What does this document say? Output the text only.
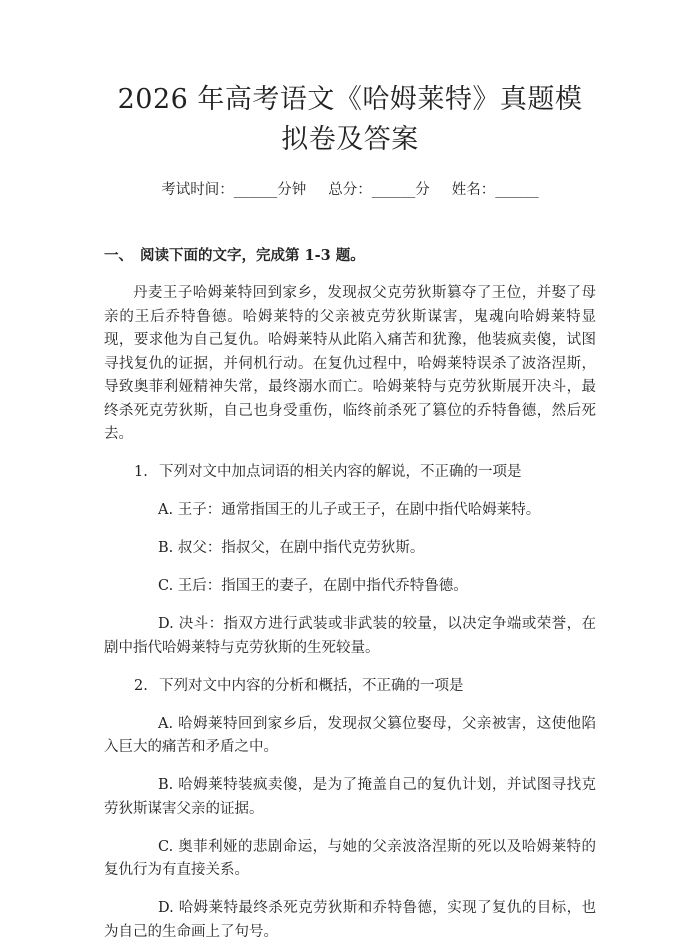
2026 年高考语文《哈姆莱特》真题模拟卷及答案
考试时间：______分钟 总分：______分 姓名：______
一、 阅读下面的文字，完成第 1-3 题。

丹麦王子哈姆莱特回到家乡，发现叔父克劳狄斯篡夺了王位，并娶了母亲的王后乔特鲁德。哈姆莱特的父亲被克劳狄斯谋害，鬼魂向哈姆莱特显现，要求他为自己复仇。哈姆莱特从此陷入痛苦和犹豫，他装疯卖傻，试图寻找复仇的证据，并伺机行动。在复仇过程中，哈姆莱特误杀了波洛涅斯，导致奥菲利娅精神失常，最终溺水而亡。哈姆莱特与克劳狄斯展开决斗，最终杀死克劳狄斯，自己也身受重伤，临终前杀死了篡位的乔特鲁德，然后死去。

1. 下列对文中加点词语的相关内容的解说，不正确的一项是

A. 王子：通常指国王的儿子或王子，在剧中指代哈姆莱特。

B. 叔父：指叔父，在剧中指代克劳狄斯。

C. 王后：指国王的妻子，在剧中指代乔特鲁德。

D. 决斗：指双方进行武装或非武装的较量，以决定争端或荣誉，在剧中指代哈姆莱特与克劳狄斯的生死较量。

2. 下列对文中内容的分析和概括，不正确的一项是

A. 哈姆莱特回到家乡后，发现叔父篡位娶母，父亲被害，这使他陷入巨大的痛苦和矛盾之中。

B. 哈姆莱特装疯卖傻，是为了掩盖自己的复仇计划，并试图寻找克劳狄斯谋害父亲的证据。

C. 奥菲利娅的悲剧命运，与她的父亲波洛涅斯的死以及哈姆莱特的复仇行为有直接关系。

D. 哈姆莱特最终杀死克劳狄斯和乔特鲁德，实现了复仇的目标，也为自己的生命画上了句号。
